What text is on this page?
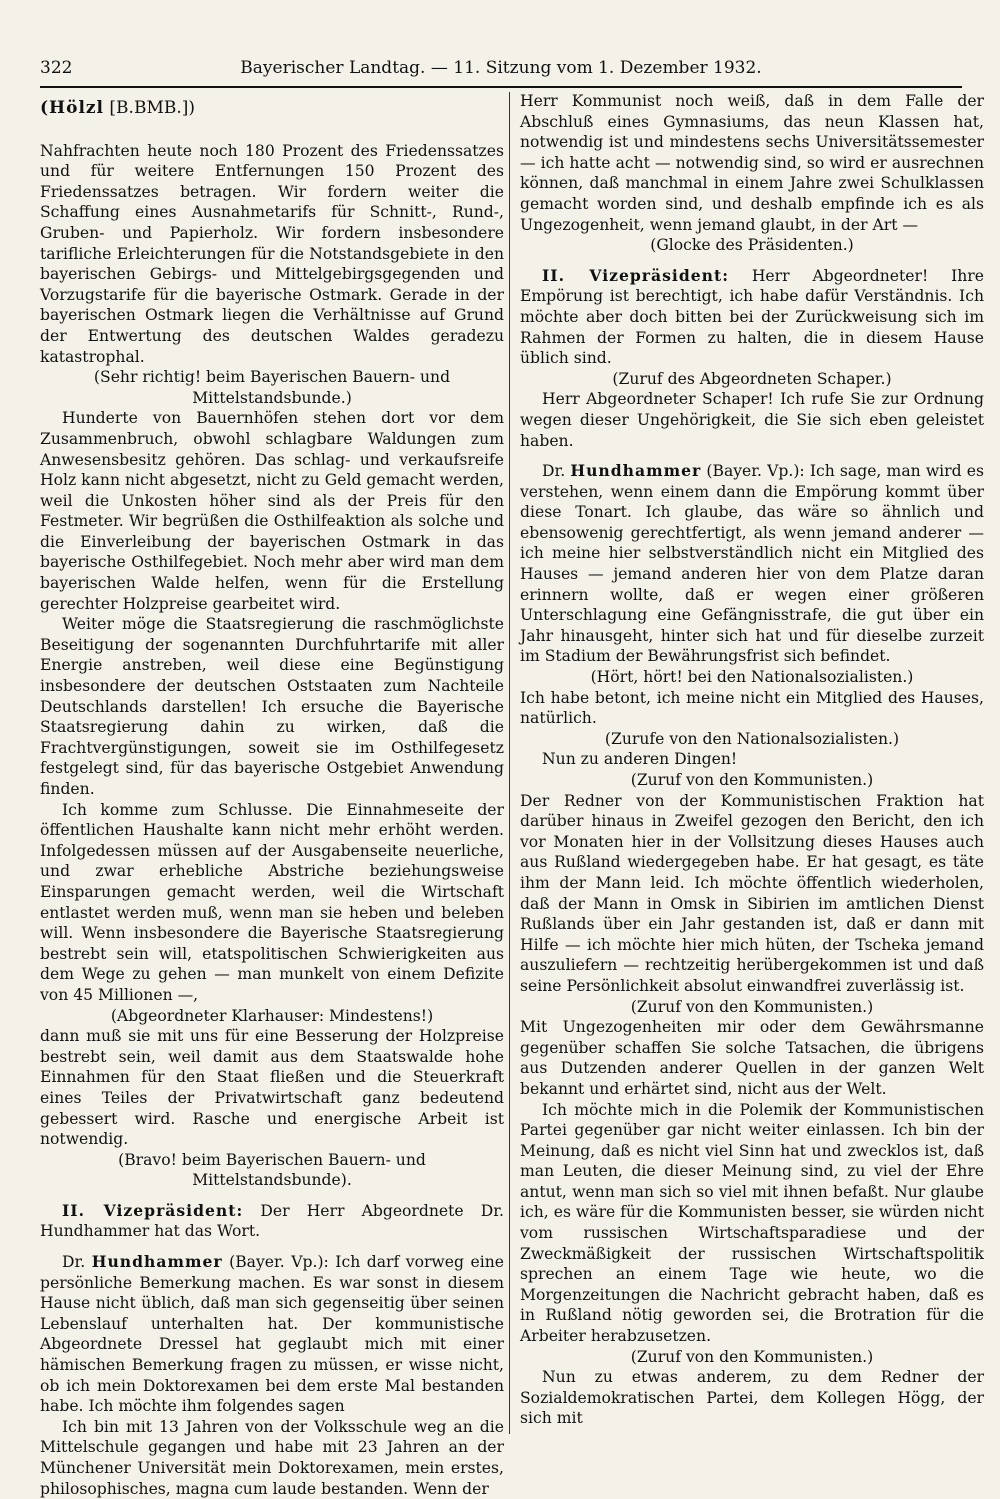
322	Bayerischer Landtag. — 11. Sitzung vom 1. Dezember 1932.

(Hölzl [B.BMB.])

Nahfrachten heute noch 180 Prozent des Friedenssatzes und für weitere Entfernungen 150 Prozent des Friedenssatzes betragen. Wir fordern weiter die Schaffung eines Ausnahmetarifs für Schnitt-, Rund-, Gruben- und Papierholz. Wir fordern insbesondere tarifliche Erleichterungen für die Notstandsgebiete in den bayerischen Gebirgs- und Mittelgebirgsgegenden und Vorzugstarife für die bayerische Ostmark. Gerade in der bayerischen Ostmark liegen die Verhältnisse auf Grund der Entwertung des deutschen Waldes geradezu katastrophal.

(Sehr richtig! beim Bayerischen Bauern- und Mittelstandsbunde.)

Hunderte von Bauernhöfen stehen dort vor dem Zusammenbruch, obwohl schlagbare Waldungen zum Anwesensbesitz gehören. Das schlag- und verkaufsreife Holz kann nicht abgesetzt, nicht zu Geld gemacht werden, weil die Unkosten höher sind als der Preis für den Festmeter. Wir begrüßen die Osthilfeaktion als solche und die Einverleibung der bayerischen Ostmark in das bayerische Osthilfegebiet. Noch mehr aber wird man dem bayerischen Walde helfen, wenn für die Erstellung gerechter Holzpreise gearbeitet wird.

Weiter möge die Staatsregierung die raschmöglichste Beseitigung der sogenannten Durchfuhrtarife mit aller Energie anstreben, weil diese eine Begünstigung insbesondere der deutschen Oststaaten zum Nachteile Deutschlands darstellen! Ich ersuche die Bayerische Staatsregierung dahin zu wirken, daß die Frachtvergünstigungen, soweit sie im Osthilfegesetz festgelegt sind, für das bayerische Ostgebiet Anwendung finden.

Ich komme zum Schlusse. Die Einnahmeseite der öffentlichen Haushalte kann nicht mehr erhöht werden. Infolgedessen müssen auf der Ausgabenseite neuerliche, und zwar erhebliche Abstriche beziehungsweise Einsparungen gemacht werden, weil die Wirtschaft entlastet werden muß, wenn man sie heben und beleben will. Wenn insbesondere die Bayerische Staatsregierung bestrebt sein will, etatspolitischen Schwierigkeiten aus dem Wege zu gehen — man munkelt von einem Defizite von 45 Millionen —,

(Abgeordneter Klarhauser: Mindestens!)

dann muß sie mit uns für eine Besserung der Holzpreise bestrebt sein, weil damit aus dem Staatswalde hohe Einnahmen für den Staat fließen und die Steuerkraft eines Teiles der Privatwirtschaft ganz bedeutend gebessert wird. Rasche und energische Arbeit ist notwendig.

(Bravo! beim Bayerischen Bauern- und Mittelstandsbunde).

II. Vizepräsident: Der Herr Abgeordnete Dr. Hundhammer hat das Wort.

Dr. Hundhammer (Bayer. Vp.): Ich darf vorweg eine persönliche Bemerkung machen. Es war sonst in diesem Hause nicht üblich, daß man sich gegenseitig über seinen Lebenslauf unterhalten hat. Der kommunistische Abgeordnete Dressel hat geglaubt mich mit einer hämischen Bemerkung fragen zu müssen, er wisse nicht, ob ich mein Doktorexamen bei dem erste Mal bestanden habe. Ich möchte ihm folgendes sagen

Ich bin mit 13 Jahren von der Volksschule weg an die Mittelschule gegangen und habe mit 23 Jahren an der Münchener Universität mein Doktorexamen, mein erstes, philosophisches, magna cum laude bestanden. Wenn der

Herr Kommunist noch weiß, daß in dem Falle der Abschluß eines Gymnasiums, das neun Klassen hat, notwendig ist und mindestens sechs Universitätssemester — ich hatte acht — notwendig sind, so wird er ausrechnen können, daß manchmal in einem Jahre zwei Schulklassen gemacht worden sind, und deshalb empfinde ich es als Ungezogenheit, wenn jemand glaubt, in der Art —

(Glocke des Präsidenten.)

II. Vizepräsident: Herr Abgeordneter! Ihre Empörung ist berechtigt, ich habe dafür Verständnis. Ich möchte aber doch bitten bei der Zurückweisung sich im Rahmen der Formen zu halten, die in diesem Hause üblich sind.

(Zuruf des Abgeordneten Schaper.)

Herr Abgeordneter Schaper! Ich rufe Sie zur Ordnung wegen dieser Ungehörigkeit, die Sie sich eben geleistet haben.

Dr. Hundhammer (Bayer. Vp.): Ich sage, man wird es verstehen, wenn einem dann die Empörung kommt über diese Tonart. Ich glaube, das wäre so ähnlich und ebensowenig gerechtfertigt, als wenn jemand anderer — ich meine hier selbstverständlich nicht ein Mitglied des Hauses — jemand anderen hier von dem Platze daran erinnern wollte, daß er wegen einer größeren Unterschlagung eine Gefängnisstrafe, die gut über ein Jahr hinausgeht, hinter sich hat und für dieselbe zurzeit im Stadium der Bewährungsfrist sich befindet.

(Hört, hört! bei den Nationalsozialisten.)

Ich habe betont, ich meine nicht ein Mitglied des Hauses, natürlich.

(Zurufe von den Nationalsozialisten.)

Nun zu anderen Dingen!

(Zuruf von den Kommunisten.)

Der Redner von der Kommunistischen Fraktion hat darüber hinaus in Zweifel gezogen den Bericht, den ich vor Monaten hier in der Vollsitzung dieses Hauses auch aus Rußland wiedergegeben habe. Er hat gesagt, es täte ihm der Mann leid. Ich möchte öffentlich wiederholen, daß der Mann in Omsk in Sibirien im amtlichen Dienst Rußlands über ein Jahr gestanden ist, daß er dann mit Hilfe — ich möchte hier mich hüten, der Tscheka jemand auszuliefern — rechtzeitig herübergekommen ist und daß seine Persönlichkeit absolut einwandfrei zuverlässig ist.

(Zuruf von den Kommunisten.)

Mit Ungezogenheiten mir oder dem Gewährsmanne gegenüber schaffen Sie solche Tatsachen, die übrigens aus Dutzenden anderer Quellen in der ganzen Welt bekannt und erhärtet sind, nicht aus der Welt.

Ich möchte mich in die Polemik der Kommunistischen Partei gegenüber gar nicht weiter einlassen. Ich bin der Meinung, daß es nicht viel Sinn hat und zwecklos ist, daß man Leuten, die dieser Meinung sind, zu viel der Ehre antut, wenn man sich so viel mit ihnen befaßt. Nur glaube ich, es wäre für die Kommunisten besser, sie würden nicht vom russischen Wirtschaftsparadiese und der Zweckmäßigkeit der russischen Wirtschaftspolitik sprechen an einem Tage wie heute, wo die Morgenzeitungen die Nachricht gebracht haben, daß es in Rußland nötig geworden sei, die Brotration für die Arbeiter herabzusetzen.

(Zuruf von den Kommunisten.)

Nun zu etwas anderem, zu dem Redner der Sozialdemokratischen Partei, dem Kollegen Högg, der sich mit
